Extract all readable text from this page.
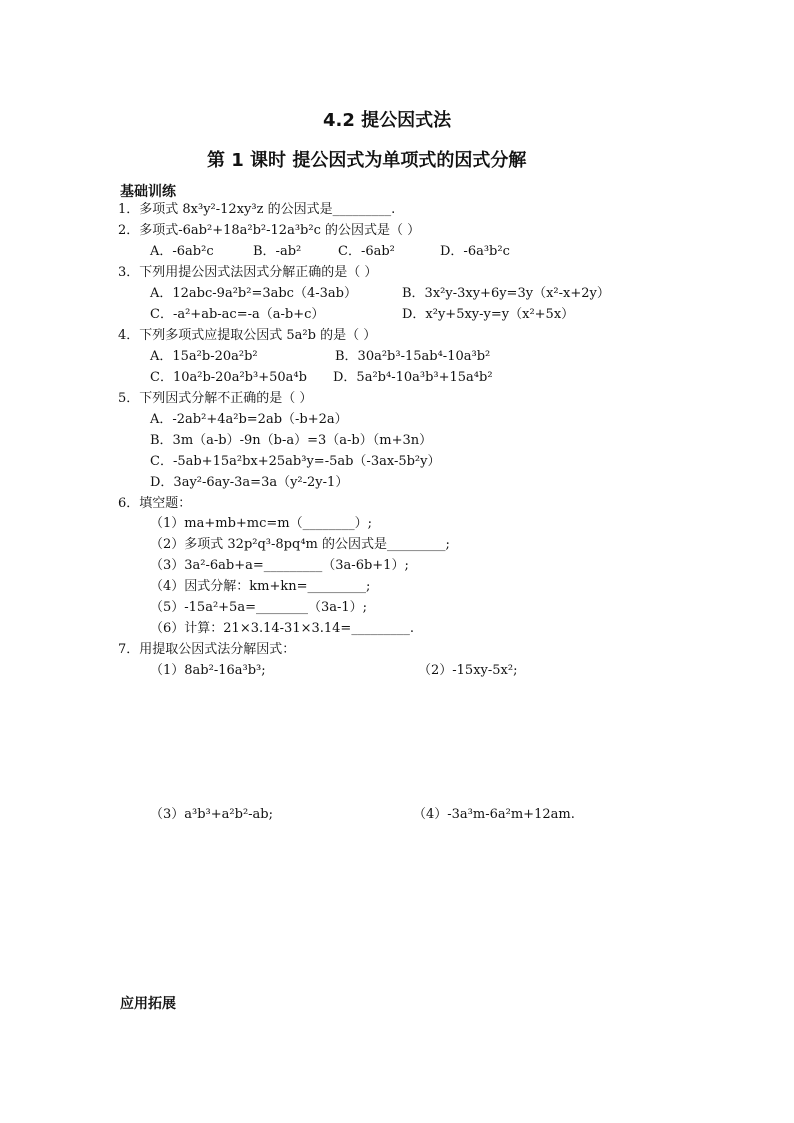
4.2 提公因式法
第 1 课时 提公因式为单项式的因式分解
基础训练
1．多项式 8x³y²-12xy³z 的公因式是_________.
2．多项式-6ab²+18a²b²-12a³b²c 的公因式是（ ）
A．-6ab²c	B．-ab²	C．-6ab²	D．-6a³b²c
3．下列用提公因式法因式分解正确的是（ ）
A．12abc-9a²b²=3abc（4-3ab）	B．3x²y-3xy+6y=3y（x²-x+2y）
C．-a²+ab-ac=-a（a-b+c）	D．x²y+5xy-y=y（x²+5x）
4．下列多项式应提取公因式 5a²b 的是（ ）
A．15a²b-20a²b²	B．30a²b³-15ab⁴-10a³b²
C．10a²b-20a²b³+50a⁴b D．5a²b⁴-10a³b³+15a⁴b²
5．下列因式分解不正确的是（ ）
A．-2ab²+4a²b=2ab（-b+2a）
B．3m（a-b）-9n（b-a）=3（a-b）（m+3n）
C．-5ab+15a²bx+25ab³y=-5ab（-3ax-5b²y）
D．3ay²-6ay-3a=3a（y²-2y-1）
6．填空题：
（1）ma+mb+mc=m（________）;
（2）多项式 32p²q³-8pq⁴m 的公因式是_________;
（3）3a²-6ab+a=_________（3a-6b+1）;
（4）因式分解：km+kn=_________;
（5）-15a²+5a=________（3a-1）;
（6）计算：21×3.14-31×3.14=_________.
7．用提取公因式法分解因式：
（1）8ab²-16a³b³;	（2）-15xy-5x²;
（3）a³b³+a²b²-ab;	（4）-3a³m-6a²m+12am.
应用拓展
